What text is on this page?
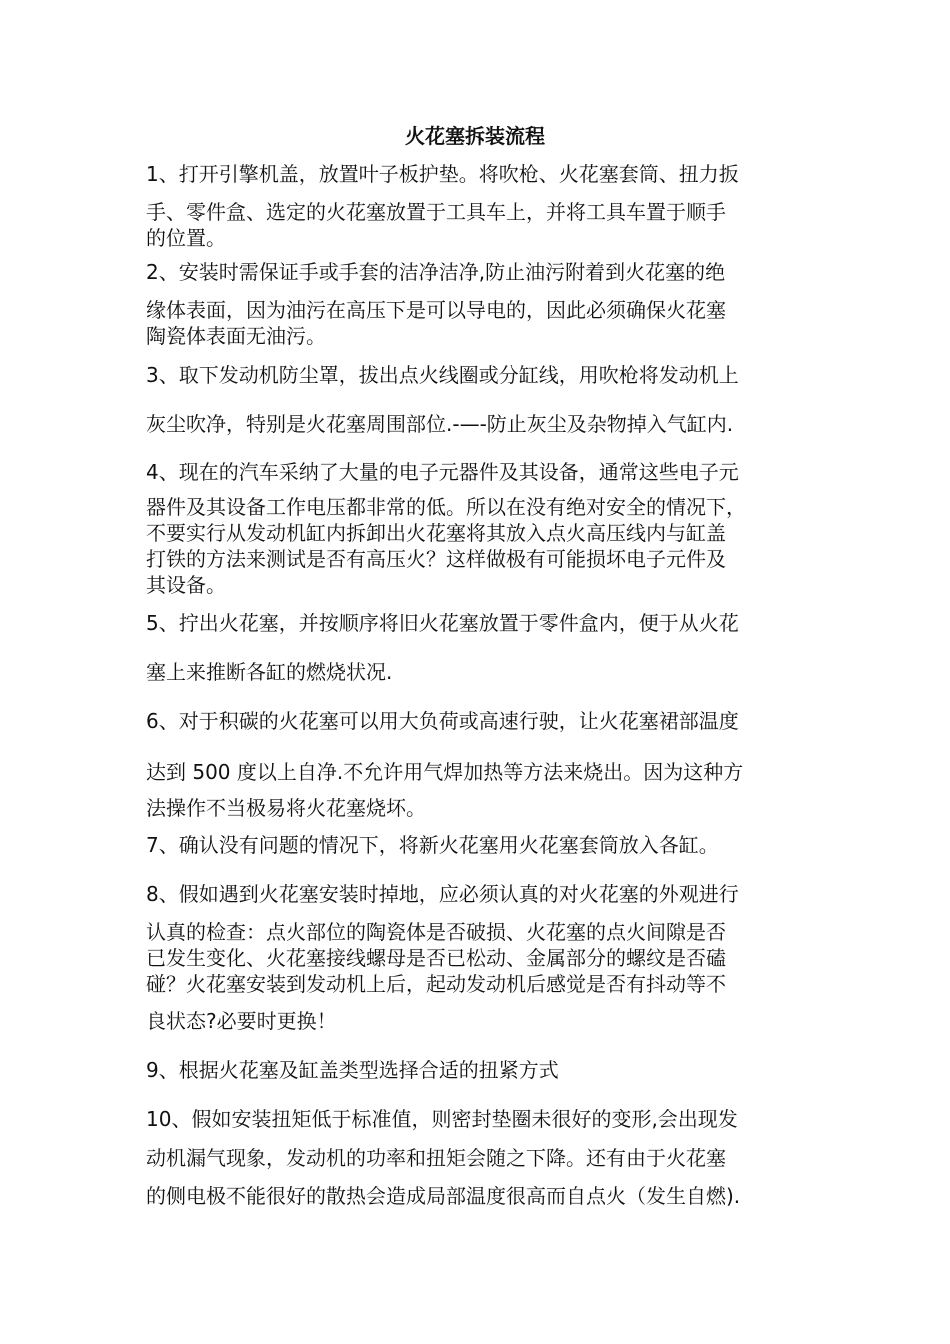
火花塞拆装流程
1、打开引擎机盖，放置叶子板护垫。将吹枪、火花塞套筒、扭力扳
手、零件盒、选定的火花塞放置于工具车上，并将工具车置于顺手
的位置。
2、安装时需保证手或手套的洁净洁净,防止油污附着到火花塞的绝
缘体表面，因为油污在高压下是可以导电的，因此必须确保火花塞
陶瓷体表面无油污。
3、取下发动机防尘罩，拔出点火线圈或分缸线，用吹枪将发动机上
灰尘吹净，特别是火花塞周围部位.-—-防止灰尘及杂物掉入气缸内.
4、现在的汽车采纳了大量的电子元器件及其设备，通常这些电子元
器件及其设备工作电压都非常的低。所以在没有绝对安全的情况下，
不要实行从发动机缸内拆卸出火花塞将其放入点火高压线内与缸盖
打铁的方法来测试是否有高压火？这样做极有可能损坏电子元件及
其设备。
5、拧出火花塞，并按顺序将旧火花塞放置于零件盒内，便于从火花
塞上来推断各缸的燃烧状况.
6、对于积碳的火花塞可以用大负荷或高速行驶，让火花塞裙部温度
达到 500 度以上自净.不允许用气焊加热等方法来烧出。因为这种方
法操作不当极易将火花塞烧坏。
7、确认没有问题的情况下，将新火花塞用火花塞套筒放入各缸。
8、假如遇到火花塞安装时掉地，应必须认真的对火花塞的外观进行
认真的检查：点火部位的陶瓷体是否破损、火花塞的点火间隙是否
已发生变化、火花塞接线螺母是否已松动、金属部分的螺纹是否磕
碰？火花塞安装到发动机上后，起动发动机后感觉是否有抖动等不
良状态?必要时更换！
9、根据火花塞及缸盖类型选择合适的扭紧方式
10、假如安装扭矩低于标准值，则密封垫圈未很好的变形,会出现发
动机漏气现象，发动机的功率和扭矩会随之下降。还有由于火花塞
的侧电极不能很好的散热会造成局部温度很高而自点火（发生自燃).
